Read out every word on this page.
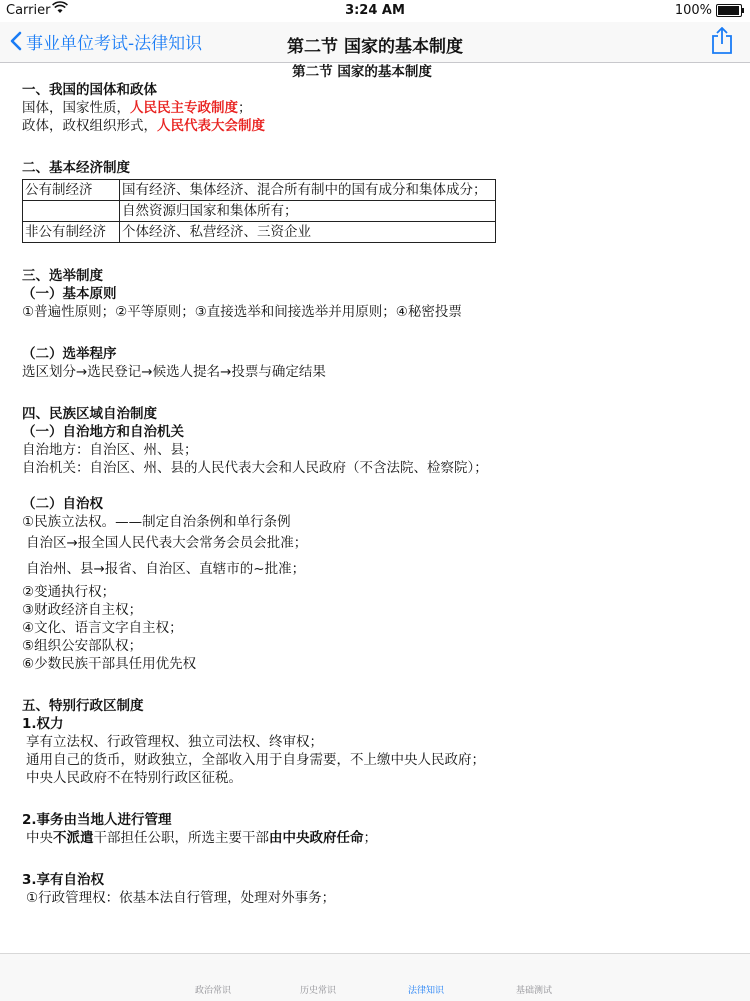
Carrier	3:24 AM	100%
事业单位考试-法律知识	第二节 国家的基本制度
第二节 国家的基本制度
一、我国的国体和政体
国体，国家性质，人民民主专政制度；
政体，政权组织形式，人民代表大会制度
二、基本经济制度
公有制经济	国有经济、集体经济、混合所有制中的国有成分和集体成分；
	自然资源归国家和集体所有；
非公有制经济	个体经济、私营经济、三资企业
三、选举制度
（一）基本原则
①普遍性原则；②平等原则；③直接选举和间接选举并用原则；④秘密投票
（二）选举程序
选区划分→选民登记→候选人提名→投票与确定结果
四、民族区域自治制度
（一）自治地方和自治机关
自治地方：自治区、州、县；
自治机关：自治区、州、县的人民代表大会和人民政府（不含法院、检察院）；
（二）自治权
①民族立法权。——制定自治条例和单行条例
自治区→报全国人民代表大会常务会员会批准；
自治州、县→报省、自治区、直辖市的~批准；
②变通执行权；
③财政经济自主权；
④文化、语言文字自主权；
⑤组织公安部队权；
⑥少数民族干部具任用优先权
五、特别行政区制度
1.权力
享有立法权、行政管理权、独立司法权、终审权；
通用自己的货币，财政独立，全部收入用于自身需要，不上缴中央人民政府；
中央人民政府不在特别行政区征税。
2.事务由当地人进行管理
中央不派遣干部担任公职，所选主要干部由中央政府任命；
3.享有自治权
①行政管理权：依基本法自行管理，处理对外事务；
政治常识	历史常识	法律知识	基础测试
